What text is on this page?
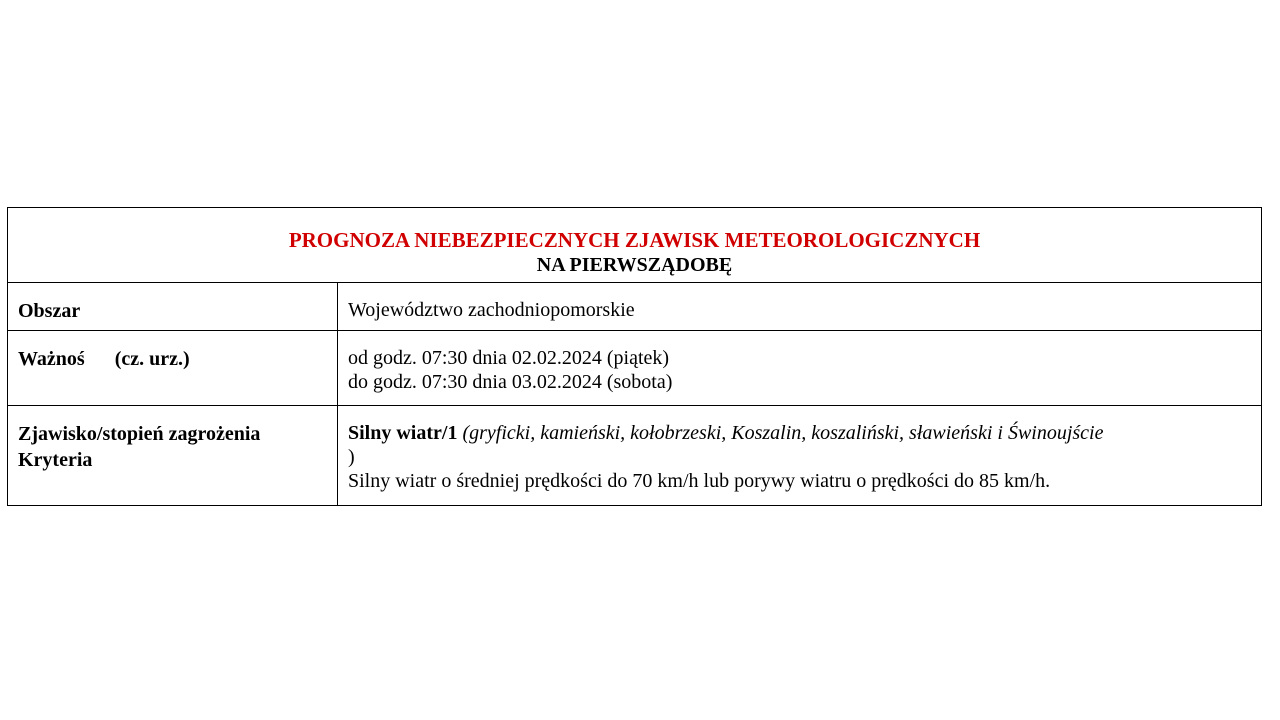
PROGNOZA NIEBEZPIECZNYCH ZJAWISK METEOROLOGICZNYCH
NA PIERWSZĄDOBĘ	

Obszar	Województwo zachodniopomorskie
Ważnoś (cz. urz.)	od godz. 07:30 dnia 02.02.2024 (piątek)
do godz. 07:30 dnia 03.02.2024 (sobota)

Zjawisko/stopień zagrożenia
Kryteria	Silny wiatr/1 (gryficki, kamieński, kołobrzeski, Koszalin, koszaliński, sławieński i Świnoujście
)
Silny wiatr o średniej prędkości do 70 km/h lub porywy wiatru o prędkości do 85 km/h.
